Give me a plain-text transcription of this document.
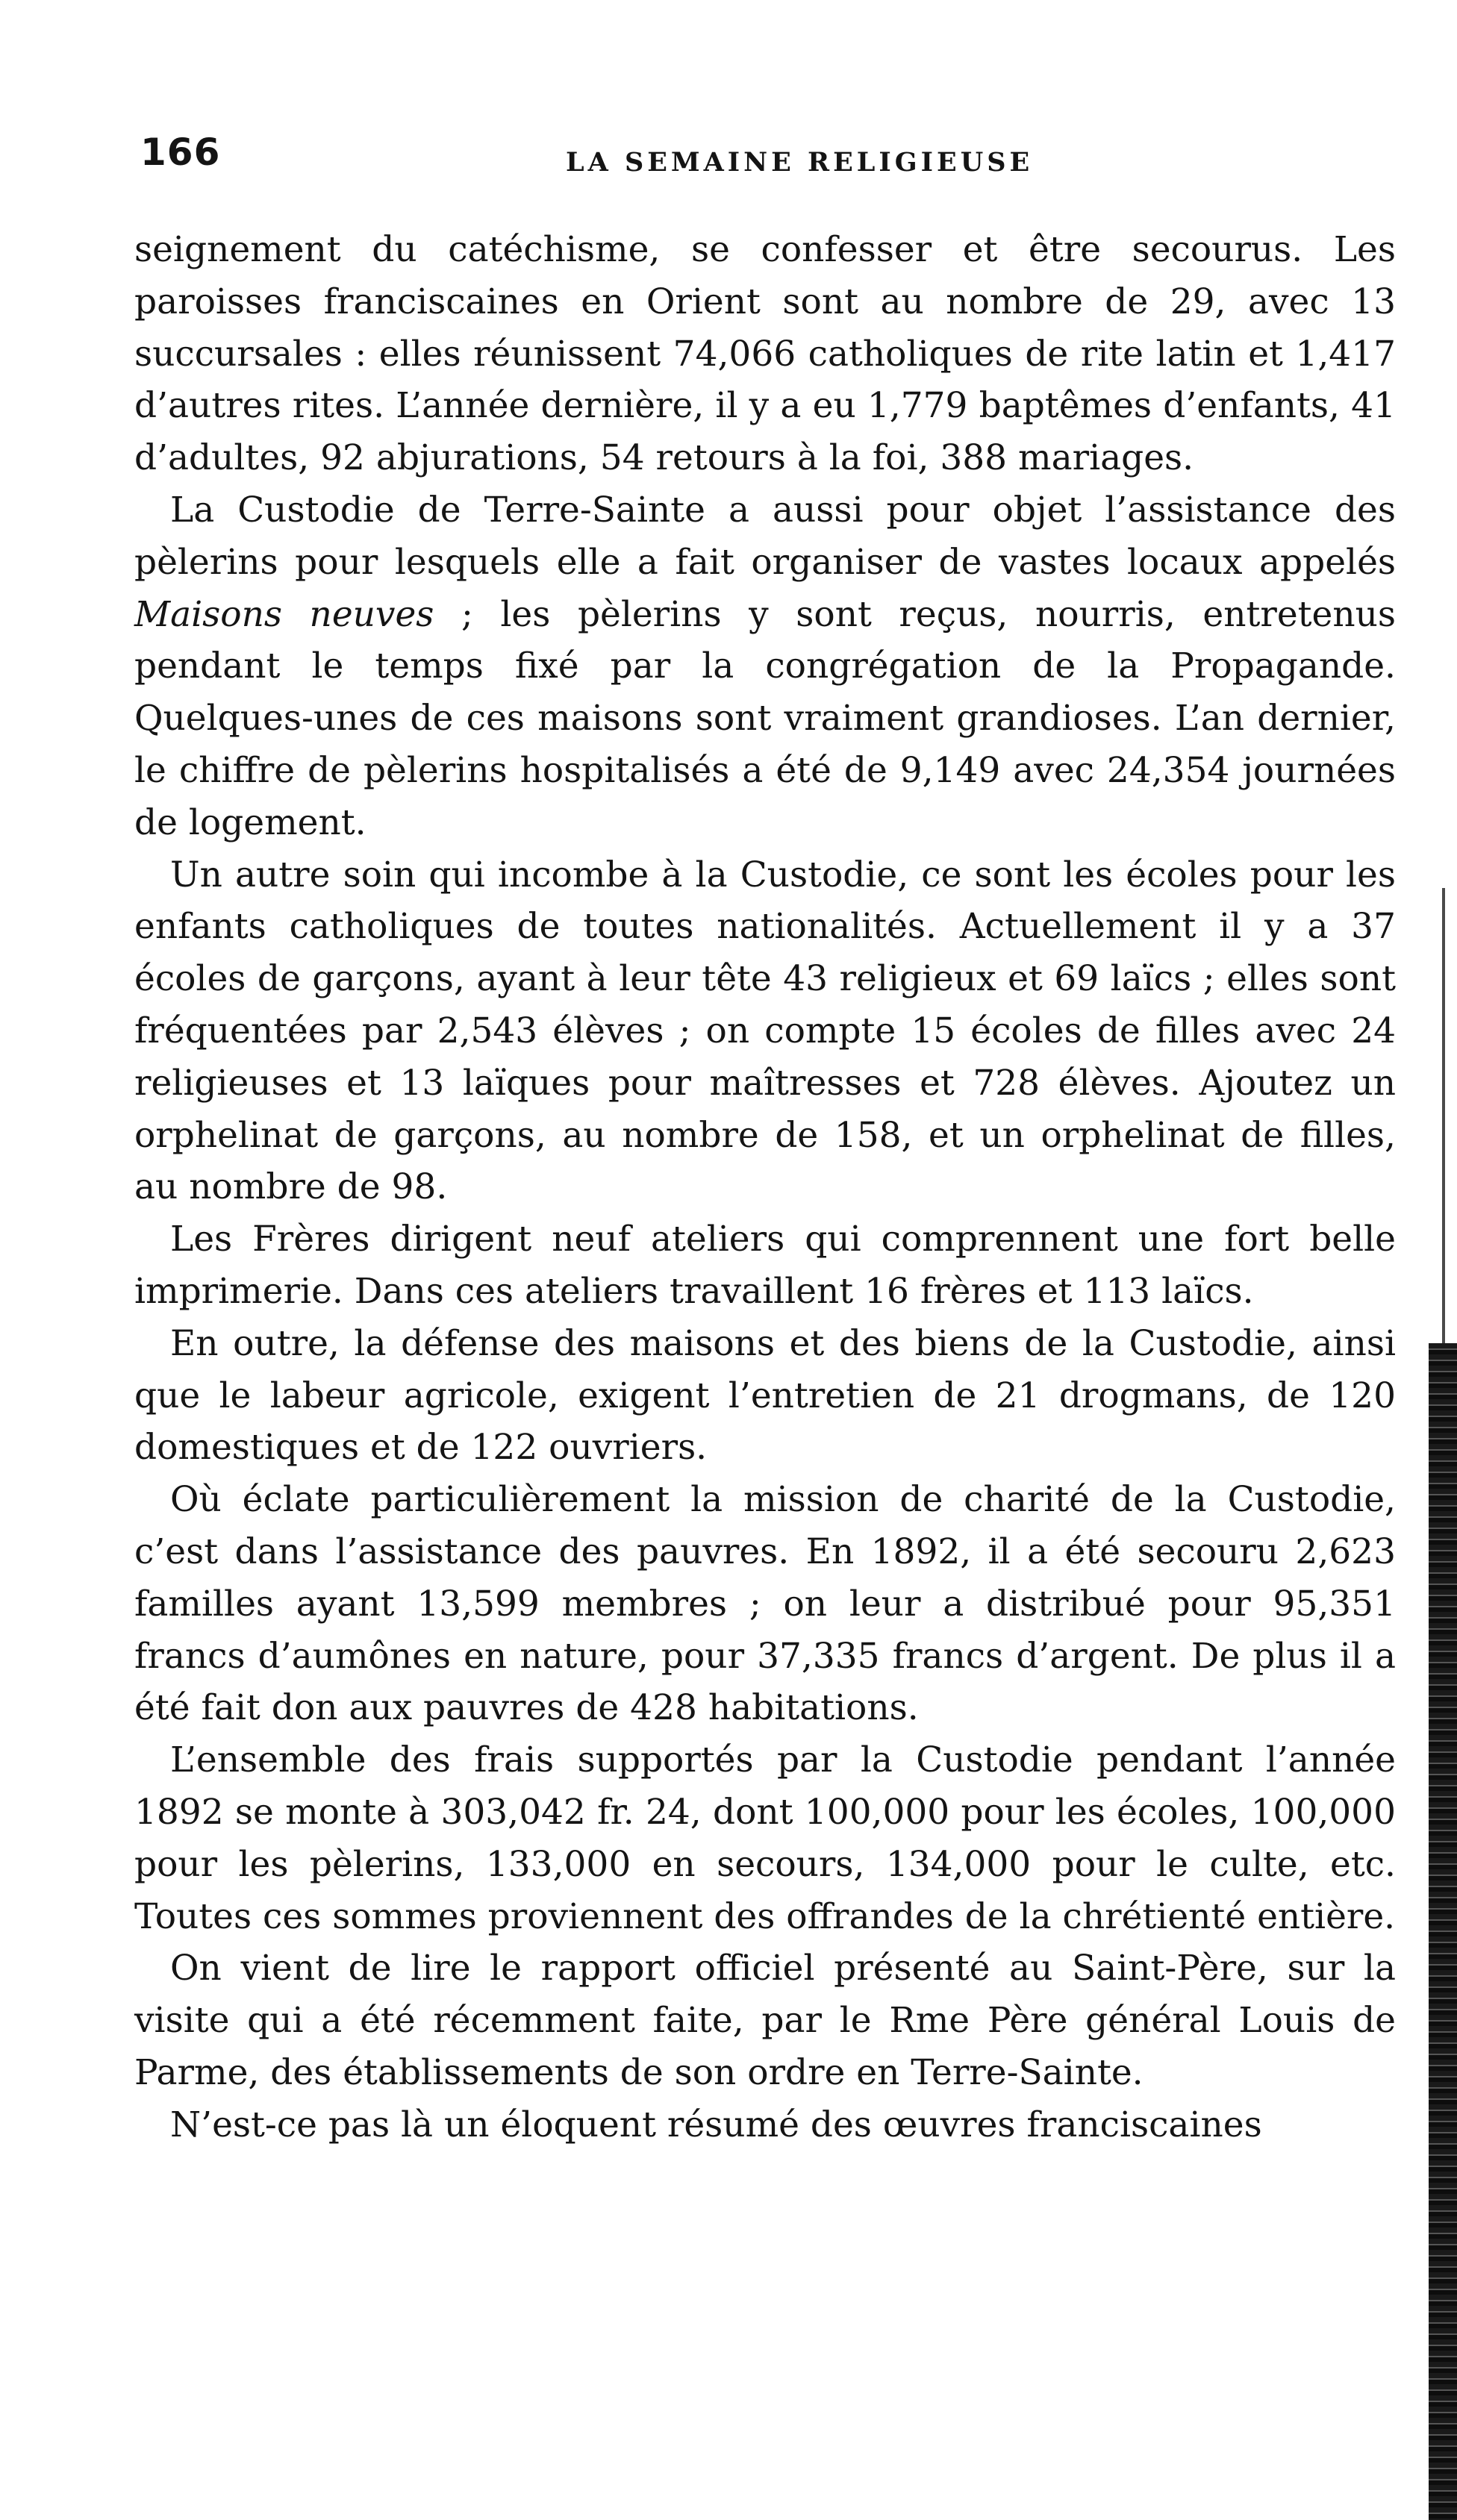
166	LA SEMAINE RELIGIEUSE

seignement du catéchisme, se confesser et être secourus. Les paroisses franciscaines en Orient sont au nombre de 29, avec 13 succursales : elles réunissent 74,066 catholiques de rite latin et 1,417 d’autres rites. L’année dernière, il y a eu 1,779 baptêmes d’enfants, 41 d’adultes, 92 abjurations, 54 retours à la foi, 388 mariages.

La Custodie de Terre-Sainte a aussi pour objet l’assistance des pèlerins pour lesquels elle a fait organiser de vastes locaux appelés Maisons neuves ; les pèlerins y sont reçus, nourris, entretenus pendant le temps fixé par la congrégation de la Propagande. Quelques-unes de ces maisons sont vraiment grandioses. L’an dernier, le chiffre de pèlerins hospitalisés a été de 9,149 avec 24,354 journées de logement.

Un autre soin qui incombe à la Custodie, ce sont les écoles pour les enfants catholiques de toutes nationalités. Actuellement il y a 37 écoles de garçons, ayant à leur tête 43 religieux et 69 laïcs ; elles sont fréquentées par 2,543 élèves ; on compte 15 écoles de filles avec 24 religieuses et 13 laïques pour maîtresses et 728 élèves. Ajoutez un orphelinat de garçons, au nombre de 158, et un orphelinat de filles, au nombre de 98.

Les Frères dirigent neuf ateliers qui comprennent une fort belle imprimerie. Dans ces ateliers travaillent 16 frères et 113 laïcs.

En outre, la défense des maisons et des biens de la Custodie, ainsi que le labeur agricole, exigent l’entretien de 21 drogmans, de 120 domestiques et de 122 ouvriers.

Où éclate particulièrement la mission de charité de la Custodie, c’est dans l’assistance des pauvres. En 1892, il a été secouru 2,623 familles ayant 13,599 membres ; on leur a distribué pour 95,351 francs d’aumônes en nature, pour 37,335 francs d’argent. De plus il a été fait don aux pauvres de 428 habitations.

L’ensemble des frais supportés par la Custodie pendant l’année 1892 se monte à 303,042 fr. 24, dont 100,000 pour les écoles, 100,000 pour les pèlerins, 133,000 en secours, 134,000 pour le culte, etc. Toutes ces sommes proviennent des offrandes de la chrétienté entière.

On vient de lire le rapport officiel présenté au Saint-Père, sur la visite qui a été récemment faite, par le Rme Père général Louis de Parme, des établissements de son ordre en Terre-Sainte.

N’est-ce pas là un éloquent résumé des œuvres franciscaines
